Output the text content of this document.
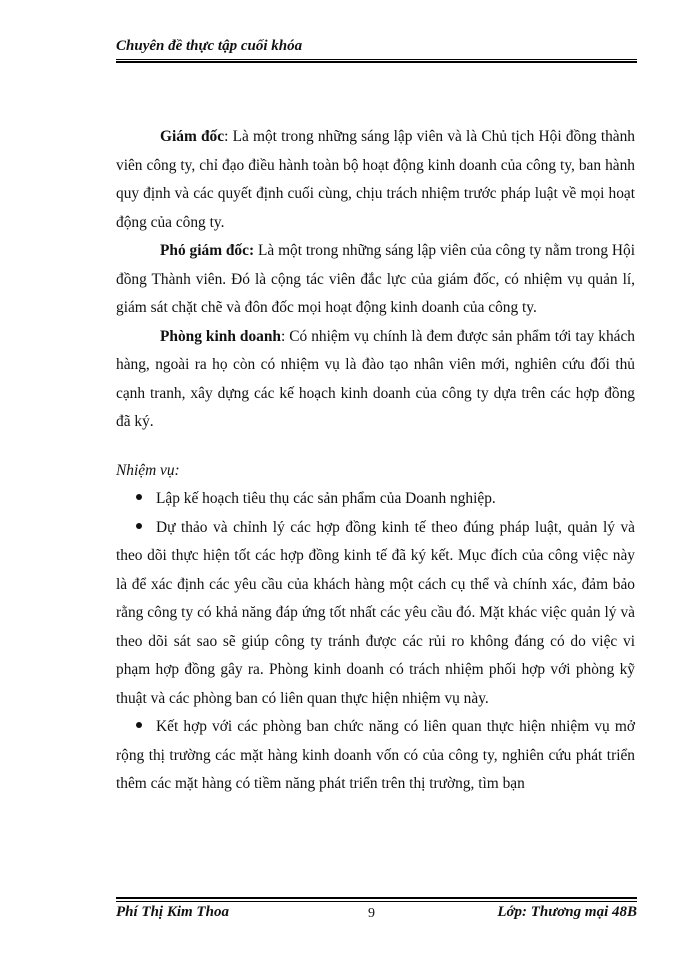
Chuyên đề thực tập cuối khóa

Giám đốc: Là một trong những sáng lập viên và là Chủ tịch Hội đồng thành viên công ty, chỉ đạo điều hành toàn bộ hoạt động kinh doanh của công ty, ban hành quy định và các quyết định cuối cùng, chịu trách nhiệm trước pháp luật về mọi hoạt động của công ty.

Phó giám đốc: Là một trong những sáng lập viên của công ty nằm trong Hội đồng Thành viên. Đó là cộng tác viên đắc lực của giám đốc, có nhiệm vụ quản lí, giám sát chặt chẽ và đôn đốc mọi hoạt động kinh doanh của công ty.

Phòng kinh doanh: Có nhiệm vụ chính là đem được sản phẩm tới tay khách hàng, ngoài ra họ còn có nhiệm vụ là đào tạo nhân viên mới, nghiên cứu đối thủ cạnh tranh, xây dựng các kế hoạch kinh doanh của công ty dựa trên các hợp đồng đã ký.

Nhiệm vụ:

Lập kế hoạch tiêu thụ các sản phẩm của Doanh nghiệp.
Dự thảo và chỉnh lý các hợp đồng kinh tế theo đúng pháp luật, quản lý và theo dõi thực hiện tốt các hợp đồng kinh tế đã ký kết. Mục đích của công việc này là để xác định các yêu cầu của khách hàng một cách cụ thể và chính xác, đảm bảo rằng công ty có khả năng đáp ứng tốt nhất các yêu cầu đó. Mặt khác việc quản lý và theo dõi sát sao sẽ giúp công ty tránh được các rủi ro không đáng có do việc vi phạm hợp đồng gây ra. Phòng kinh doanh có trách nhiệm phối hợp với phòng kỹ thuật và các phòng ban có liên quan thực hiện nhiệm vụ này.
Kết hợp với các phòng ban chức năng có liên quan thực hiện nhiệm vụ mở rộng thị trường các mặt hàng kinh doanh vốn có của công ty, nghiên cứu phát triển thêm các mặt hàng có tiềm năng phát triển trên thị trường, tìm bạn
Phí Thị Kim Thoa	9	Lớp: Thương mại 48B
